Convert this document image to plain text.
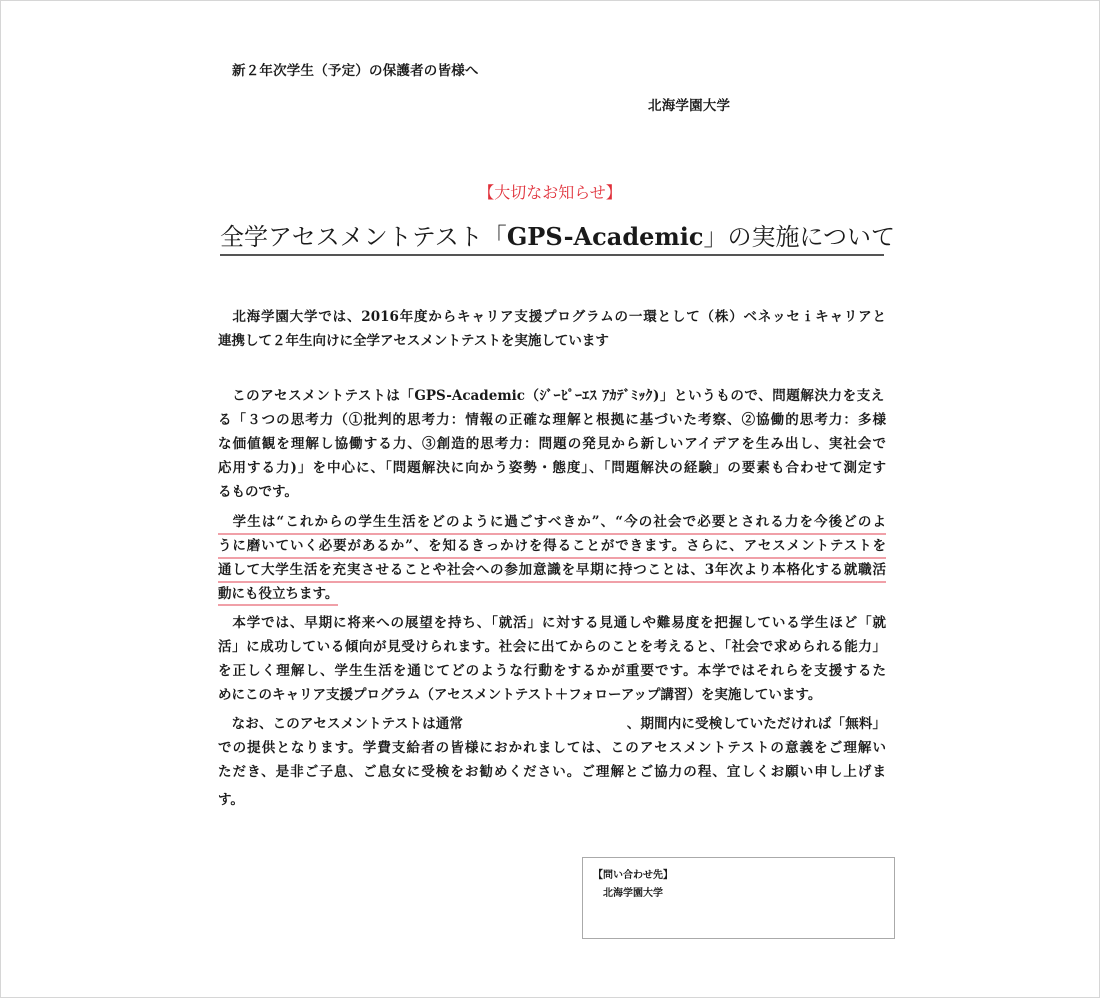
新２年次学生（予定）の保護者の皆様へ
北海学園大学
【大切なお知らせ】
全学アセスメントテスト「GPS-Academic」の実施について
　北海学園大学では、2016年度からキャリア支援プログラムの一環として（株）ベネッセｉキャリアと
連携して２年生向けに全学アセスメントテストを実施しています
　このアセスメントテストは「GPS-Academic（ｼﾞｰﾋﾟｰｴｽ ｱｶﾃﾞﾐｯｸ)」というもので、問題解決力を支え
る「３つの思考力（①批判的思考力：情報の正確な理解と根拠に基づいた考察、②協働的思考力：多様
な価値観を理解し協働する力、③創造的思考力：問題の発見から新しいアイデアを生み出し、実社会で
応用する力)」を中心に、「問題解決に向かう姿勢・態度」、「問題解決の経験」の要素も合わせて測定す
るものです。
　学生は“これからの学生生活をどのように過ごすべきか”、“今の社会で必要とされる力を今後どのよ
うに磨いていく必要があるか”、を知るきっかけを得ることができます。さらに、アセスメントテストを
通して大学生活を充実させることや社会への参加意識を早期に持つことは、3年次より本格化する就職活
動にも役立ちます。
　本学では、早期に将来への展望を持ち、「就活」に対する見通しや難易度を把握している学生ほど「就
活」に成功している傾向が見受けられます。社会に出てからのことを考えると、「社会で求められる能力」
を正しく理解し、学生生活を通じてどのような行動をするかが重要です。本学ではそれらを支援するた
めにこのキャリア支援プログラム（アセスメントテスト＋フォローアップ講習）を実施しています。
　なお、このアセスメントテストは通常　　　　　　　　　　　　、期間内に受検していただければ「無料」
での提供となります。学費支給者の皆様におかれましては、このアセスメントテストの意義をご理解い
ただき、是非ご子息、ご息女に受検をお勧めください。ご理解とご協力の程、宜しくお願い申し上げま
す。
【問い合わせ先】
北海学園大学
